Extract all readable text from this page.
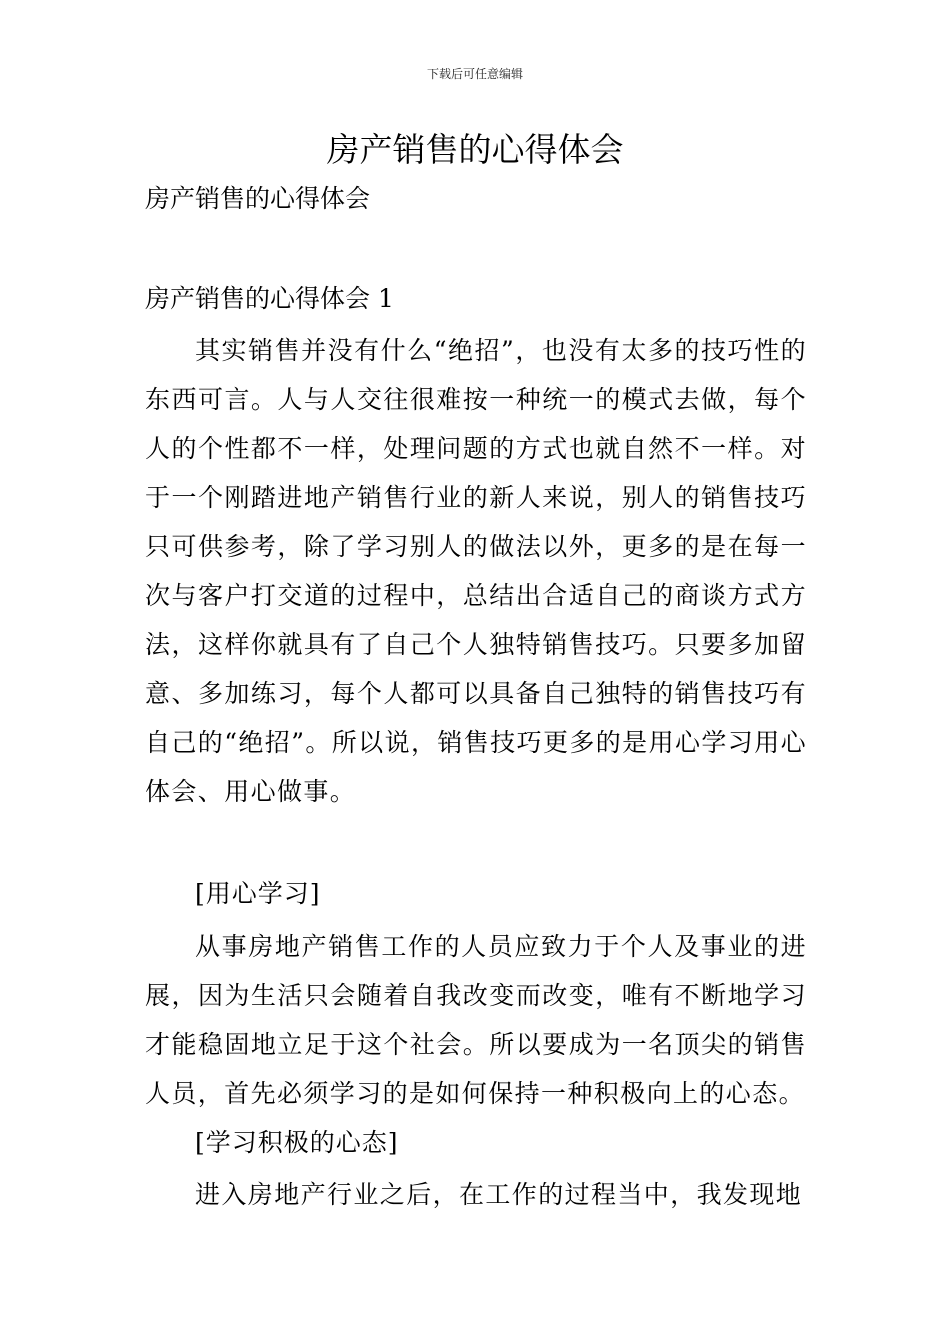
下载后可任意编辑
房产销售的心得体会

房产销售的心得体会

房产销售的心得体会 1

其实销售并没有什么“绝招”，也没有太多的技巧性的东西可言。人与人交往很难按一种统一的模式去做，每个人的个性都不一样，处理问题的方式也就自然不一样。对于一个刚踏进地产销售行业的新人来说，别人的销售技巧只可供参考，除了学习别人的做法以外，更多的是在每一次与客户打交道的过程中，总结出合适自己的商谈方式方法，这样你就具有了自己个人独特销售技巧。只要多加留意、多加练习，每个人都可以具备自己独特的销售技巧有自己的“绝招”。所以说，销售技巧更多的是用心学习用心体会、用心做事。

[用心学习]

从事房地产销售工作的人员应致力于个人及事业的进展，因为生活只会随着自我改变而改变，唯有不断地学习才能稳固地立足于这个社会。所以要成为一名顶尖的销售人员，首先必须学习的是如何保持一种积极向上的心态。

[学习积极的心态]

进入房地产行业之后，在工作的过程当中，我发现地
